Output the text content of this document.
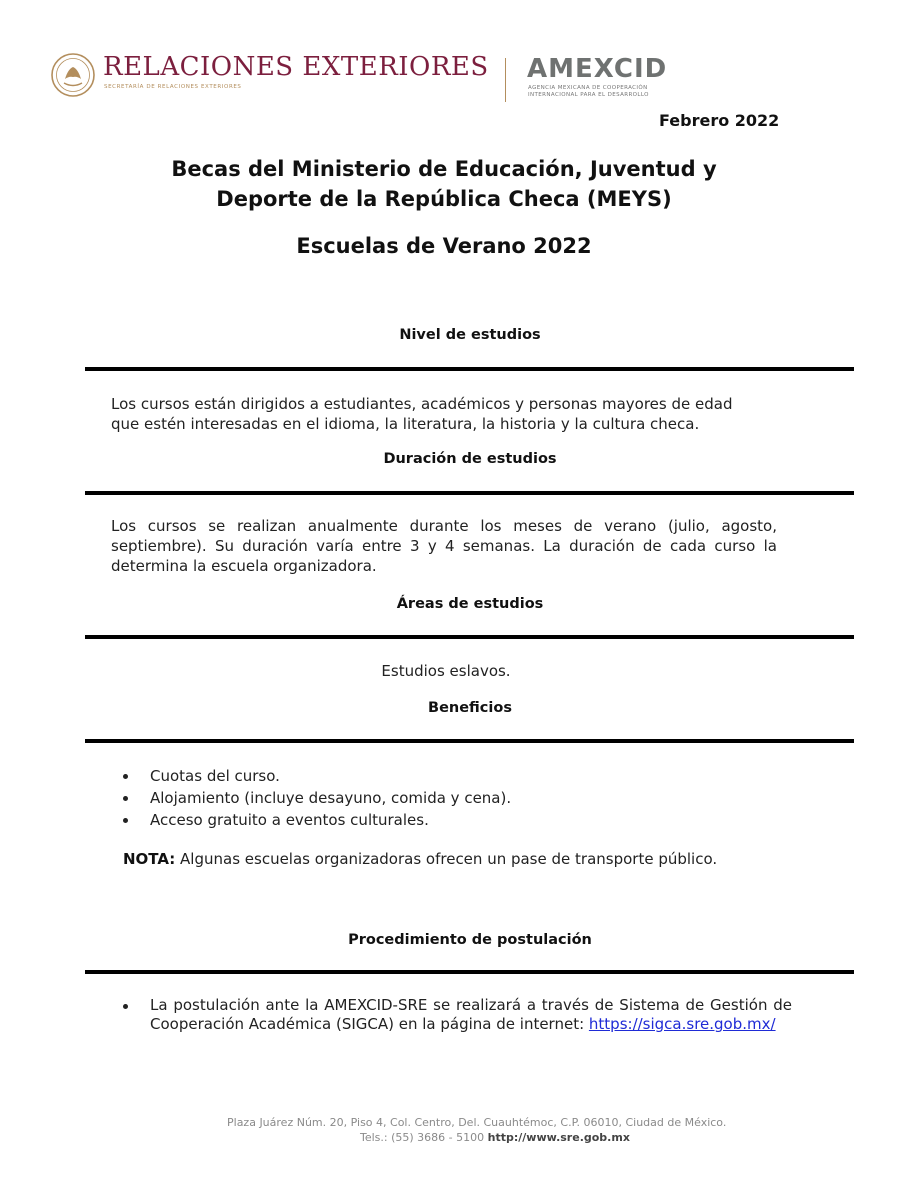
RELACIONES EXTERIORES
SECRETARÍA DE RELACIONES EXTERIORES
AMEXCID
AGENCIA MEXICANA DE COOPERACIÓN
INTERNACIONAL PARA EL DESARROLLO
Febrero 2022
Becas del Ministerio de Educación, Juventud y
Deporte de la República Checa (MEYS)
Escuelas de Verano 2022
Nivel de estudios
Los cursos están dirigidos a estudiantes, académicos y personas mayores de edad
que estén interesadas en el idioma, la literatura, la historia y la cultura checa.
Duración de estudios
Los cursos se realizan anualmente durante los meses de verano (julio, agosto, septiembre). Su duración varía entre 3 y 4 semanas. La duración de cada curso la determina la escuela organizadora.
Áreas de estudios
Estudios eslavos.
Beneficios
Cuotas del curso.
Alojamiento (incluye desayuno, comida y cena).
Acceso gratuito a eventos culturales.
NOTA: Algunas escuelas organizadoras ofrecen un pase de transporte público.
Procedimiento de postulación
La postulación ante la AMEXCID-SRE se realizará a través de Sistema de Gestión de Cooperación Académica (SIGCA) en la página de internet: https://sigca.sre.gob.mx/
Plaza Juárez Núm. 20, Piso 4, Col. Centro, Del. Cuauhtémoc, C.P. 06010, Ciudad de México.
Tels.: (55) 3686 - 5100 http://www.sre.gob.mx
